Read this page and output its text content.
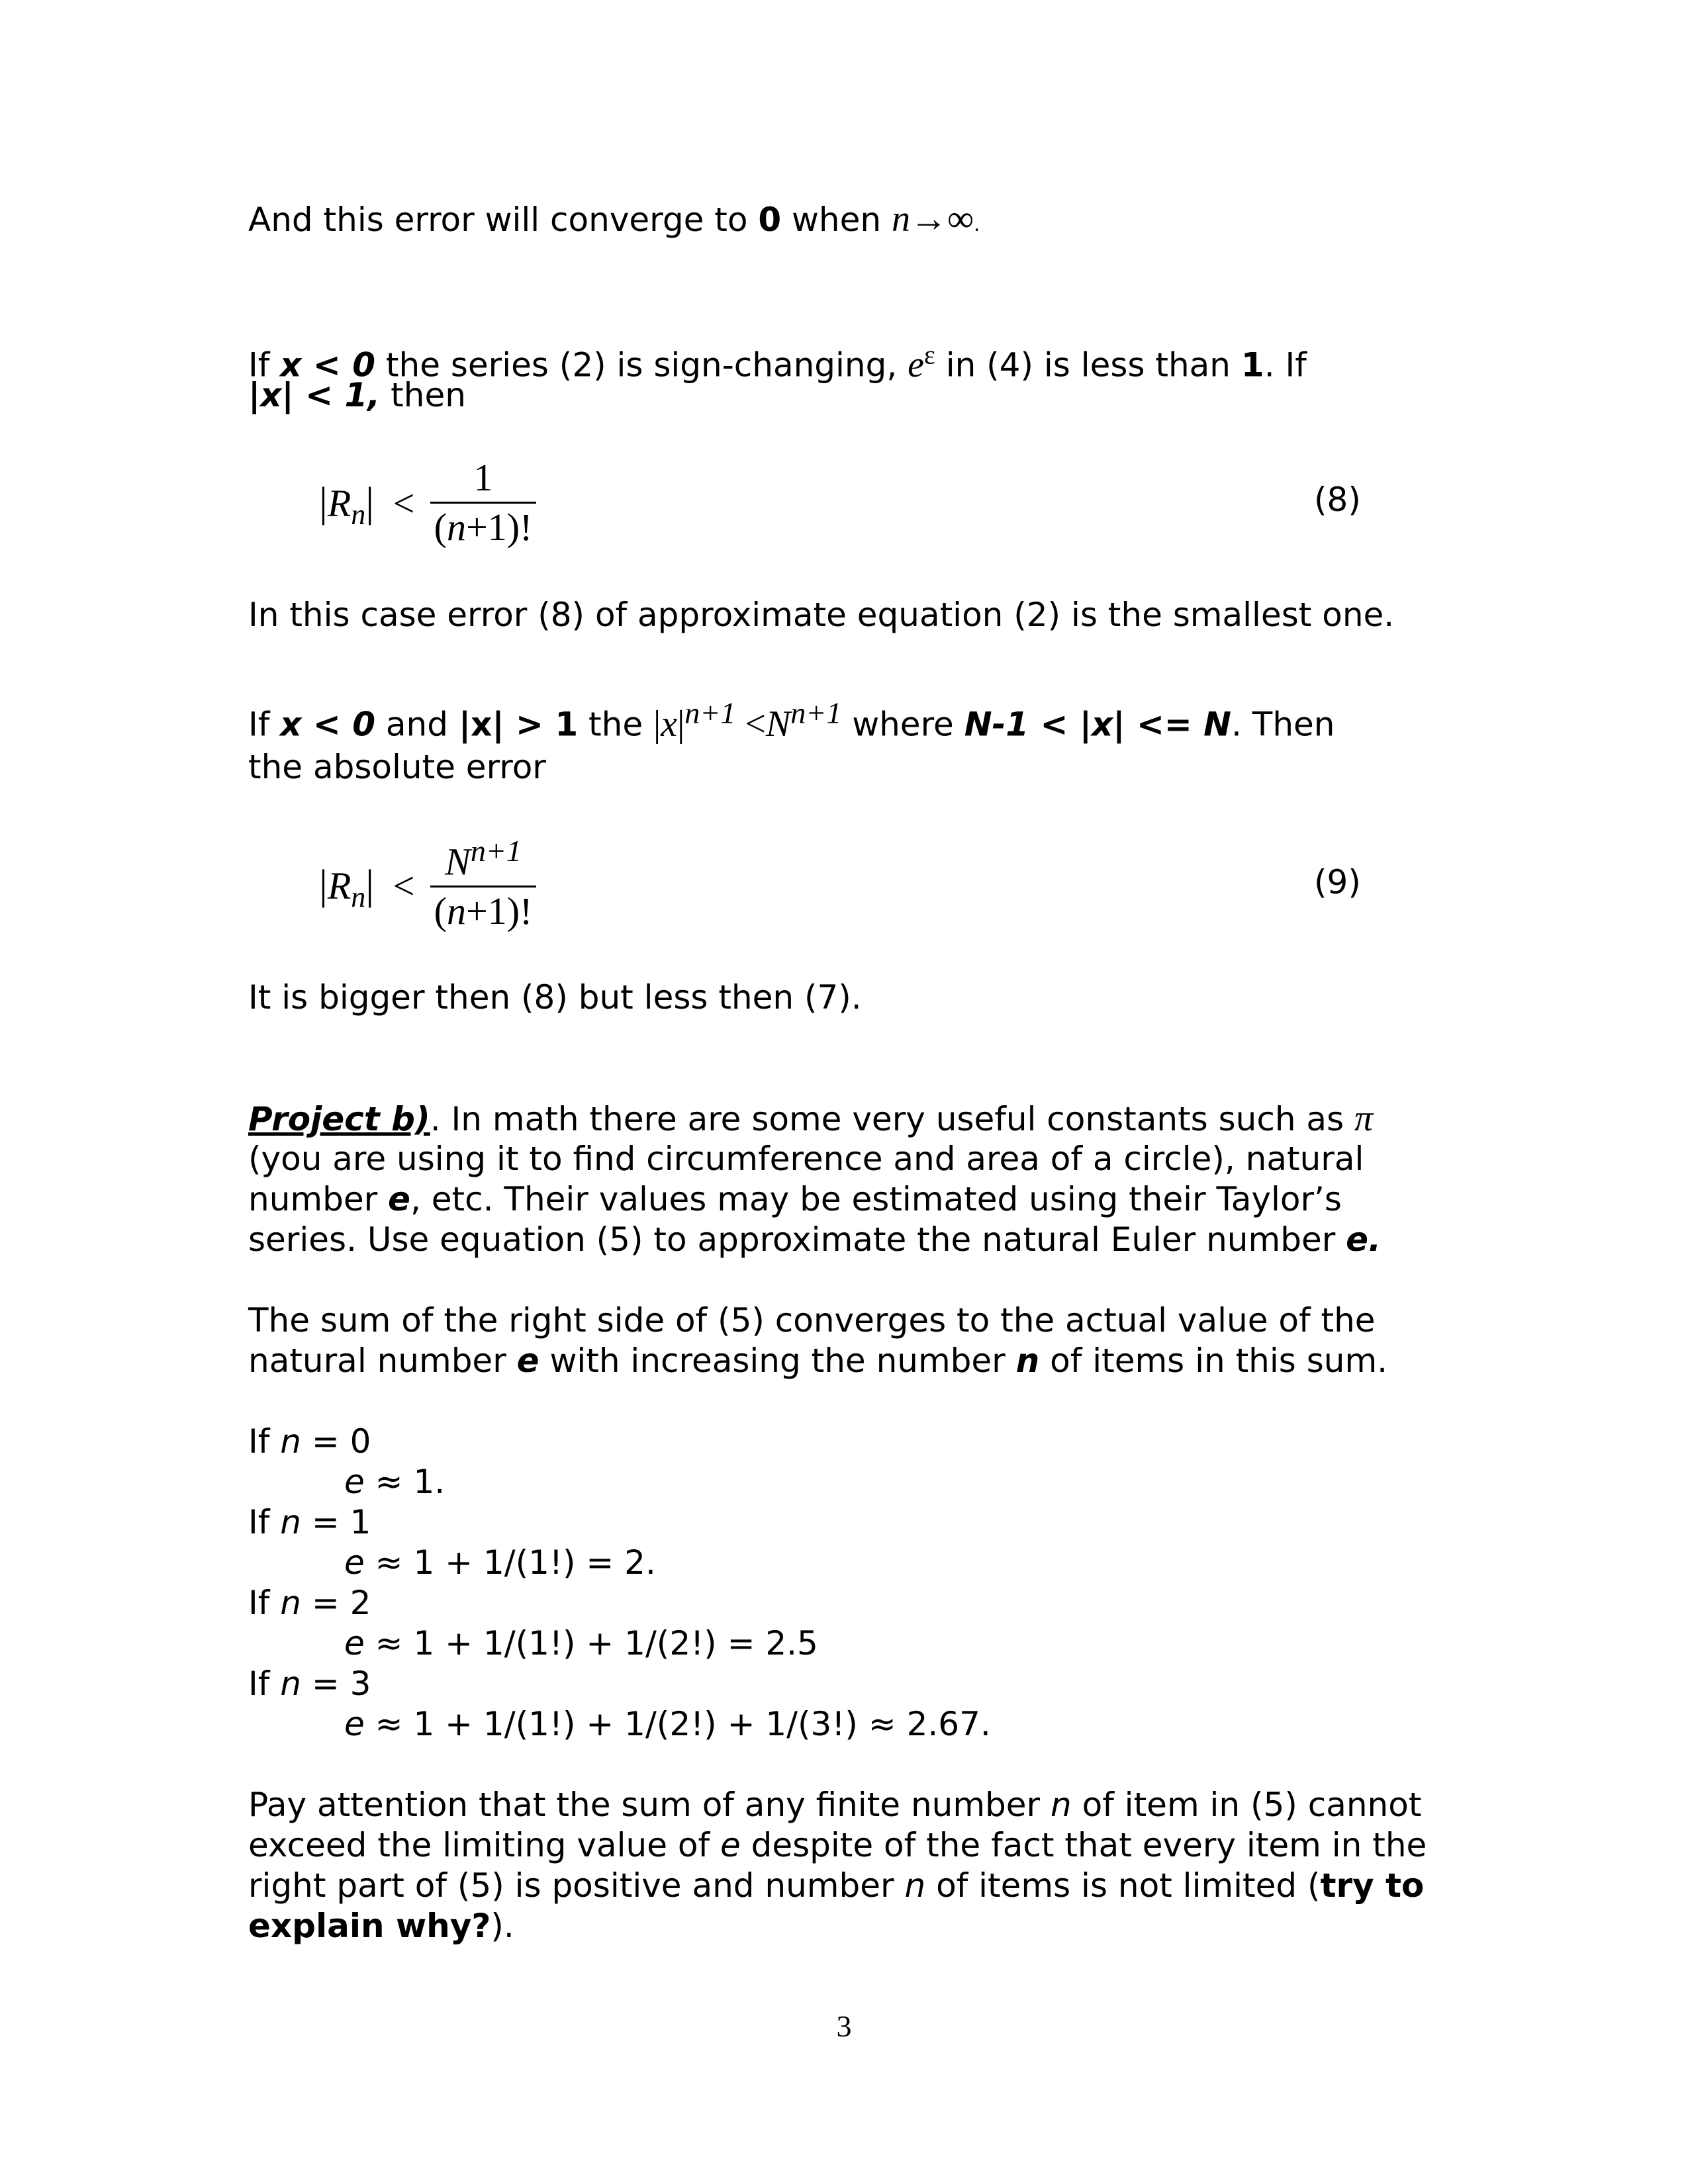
And this error will converge to 0 when n→∞.
If x < 0 the series (2) is sign-changing, $e^\varepsilon$ in (4) is less than 1. If
|x| < 1, then
$|R_n|$ <
1
(n+1)!
(8)
In this case error (8) of approximate equation (2) is the smallest one.
If x < 0 and |x| > 1 the $|x|^{n+1} <N^{n+1}$ where N-1 < |x| <= N. Then
the absolute error
$|R_n|$ <
$N^{n+1}$
(n+1)!
(9)
It is bigger then (8) but less then (7).
Project b). In math there are some very useful constants such as π
(you are using it to find circumference and area of a circle), natural
number e, etc. Their values may be estimated using their Taylor’s
series. Use equation (5) to approximate the natural Euler number e.
The sum of the right side of (5) converges to the actual value of the
natural number e with increasing the number n of items in this sum.
If n = 0
e ≈ 1.
If n = 1
e ≈ 1 + 1/(1!) = 2.
If n = 2
e ≈ 1 + 1/(1!) + 1/(2!) = 2.5
If n = 3
e ≈ 1 + 1/(1!) + 1/(2!) + 1/(3!) ≈ 2.67.
Pay attention that the sum of any finite number n of item in (5) cannot
exceed the limiting value of e despite of the fact that every item in the
right part of (5) is positive and number n of items is not limited (try to
explain why?).
3
